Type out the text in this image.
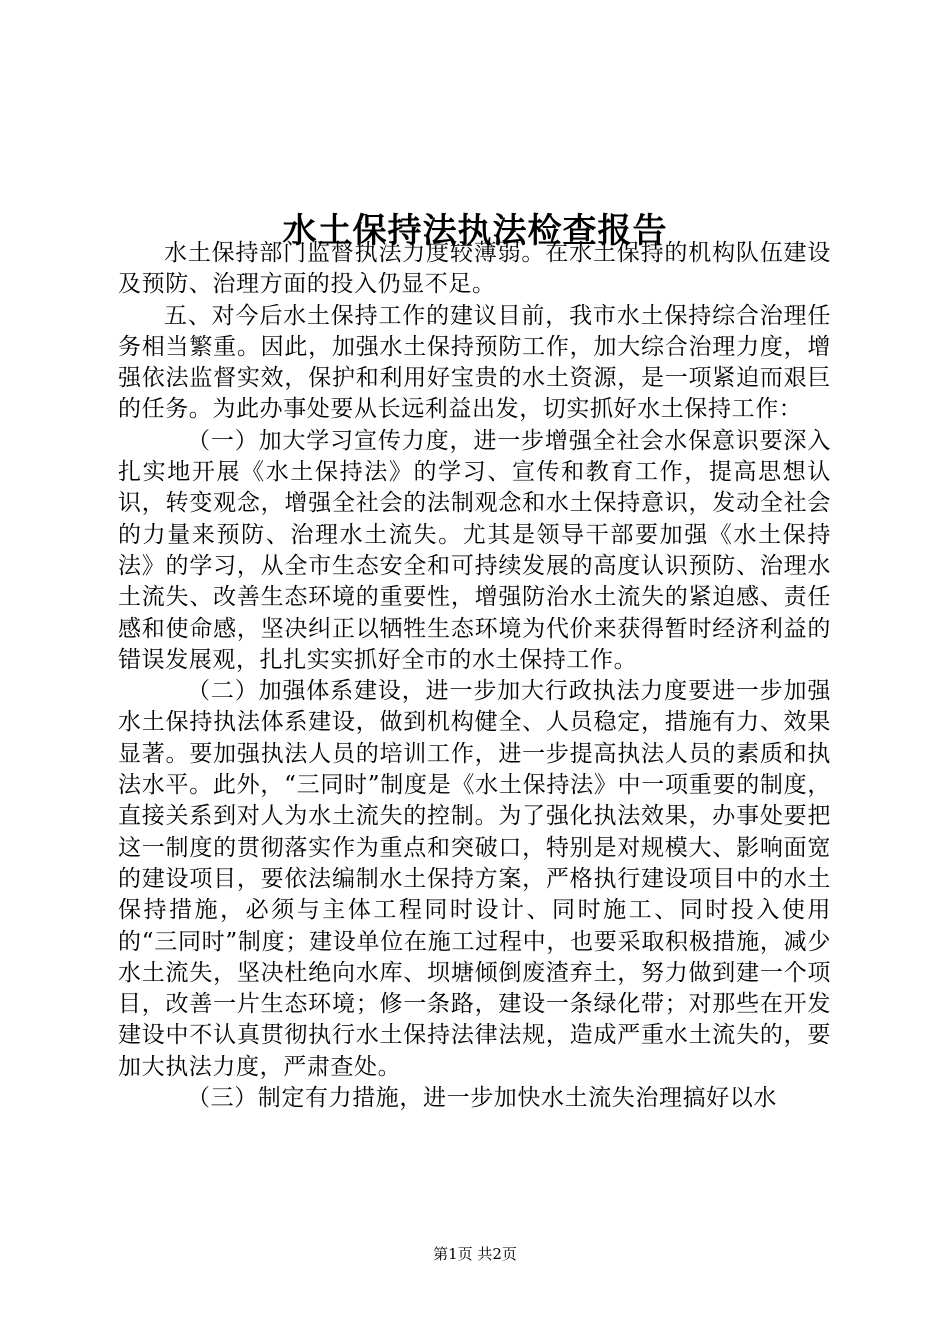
水土保持法执法检查报告

水土保持部门监督执法力度较薄弱。在水土保持的机构队伍建设及预防、治理方面的投入仍显不足。

五、对今后水土保持工作的建议目前，我市水土保持综合治理任务相当繁重。因此，加强水土保持预防工作，加大综合治理力度，增强依法监督实效，保护和利用好宝贵的水土资源，是一项紧迫而艰巨的任务。为此办事处要从长远利益出发，切实抓好水土保持工作：

（一）加大学习宣传力度，进一步增强全社会水保意识要深入扎实地开展《水土保持法》的学习、宣传和教育工作，提高思想认识，转变观念，增强全社会的法制观念和水土保持意识，发动全社会的力量来预防、治理水土流失。尤其是领导干部要加强《水土保持法》的学习，从全市生态安全和可持续发展的高度认识预防、治理水土流失、改善生态环境的重要性，增强防治水土流失的紧迫感、责任感和使命感，坚决纠正以牺牲生态环境为代价来获得暂时经济利益的错误发展观，扎扎实实抓好全市的水土保持工作。

（二）加强体系建设，进一步加大行政执法力度要进一步加强水土保持执法体系建设，做到机构健全、人员稳定，措施有力、效果显著。要加强执法人员的培训工作，进一步提高执法人员的素质和执法水平。此外，“三同时”制度是《水土保持法》中一项重要的制度，直接关系到对人为水土流失的控制。为了强化执法效果，办事处要把这一制度的贯彻落实作为重点和突破口，特别是对规模大、影响面宽的建设项目，要依法编制水土保持方案，严格执行建设项目中的水土保持措施，必须与主体工程同时设计、同时施工、同时投入使用的“三同时”制度；建设单位在施工过程中，也要采取积极措施，减少水土流失，坚决杜绝向水库、坝塘倾倒废渣弃土，努力做到建一个项目，改善一片生态环境；修一条路，建设一条绿化带；对那些在开发建设中不认真贯彻执行水土保持法律法规，造成严重水土流失的，要加大执法力度，严肃查处。

（三）制定有力措施，进一步加快水土流失治理搞好以水

第1页 共2页
